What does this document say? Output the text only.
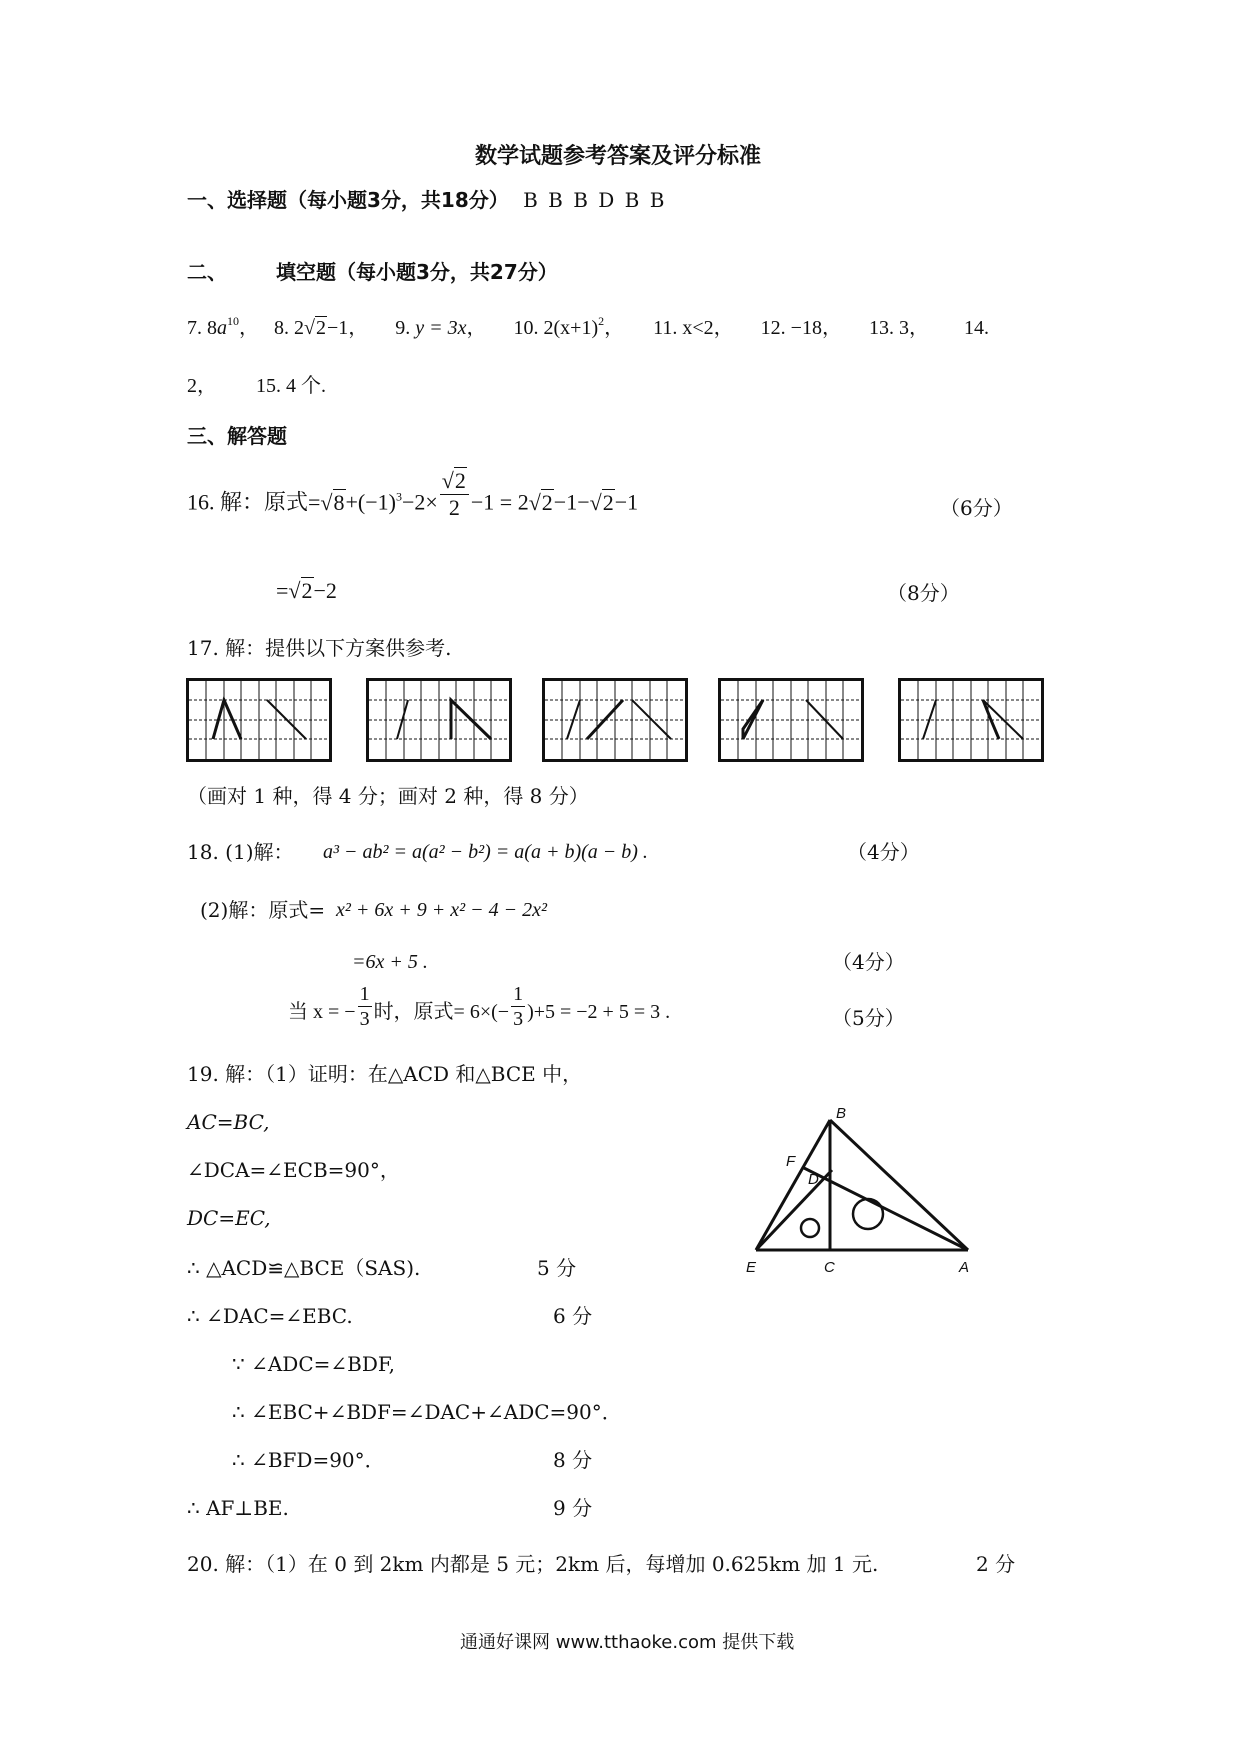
数学试题参考答案及评分标准
一、选择题（每小题3分，共18分） B B B D B B
二、 填空题（每小题3分，共27分）
7. $8a^{10}$， 8. 2√2−1， 9. y = 3x， 10. $2(x+1)^2$， 11. x<2， 12. −18， 13. 3， 14.
2， 15. 4 个.
三、解答题
16. 解：原式$=√8+(-1)^3-2\times \frac{√2}{2} -1 = 2√2-1-√2-1$	（6分）
=√2−2	（8分）
17. 解：提供以下方案供参考.
（画对 1 种，得 4 分；画对 2 种，得 8 分）
18. (1)解： a³ − ab² = a(a² − b²) = a(a + b)(a − b) .	（4分）
(2)解：原式= x² + 6x + 9 + x² − 4 − 2x²
=6x + 5 .	（4分）
当 x = − $\frac{1}{3}$ 时，原式= $6\times(- \frac{1}{3} )+5 = -2 + 5 = 3$ .	（5分）
19. 解：（1）证明：在△ACD 和△BCE 中，
AC=BC,
∠DCA=∠ECB=90°，
DC=EC,
∴ △ACD≌△BCE（SAS).	5 分
∴ ∠DAC=∠EBC.	6 分
∵ ∠ADC=∠BDF,
∴ ∠EBC+∠BDF=∠DAC+∠ADC=90°．
∴ ∠BFD=90°．	8 分
∴ AF⊥BE.	9 分
B
F
D
E	C	A
20. 解：（1）在 0 到 2km 内都是 5 元；2km 后，每增加 0.625km 加 1 元.	2 分
通通好课网 www.tthaoke.com 提供下载
